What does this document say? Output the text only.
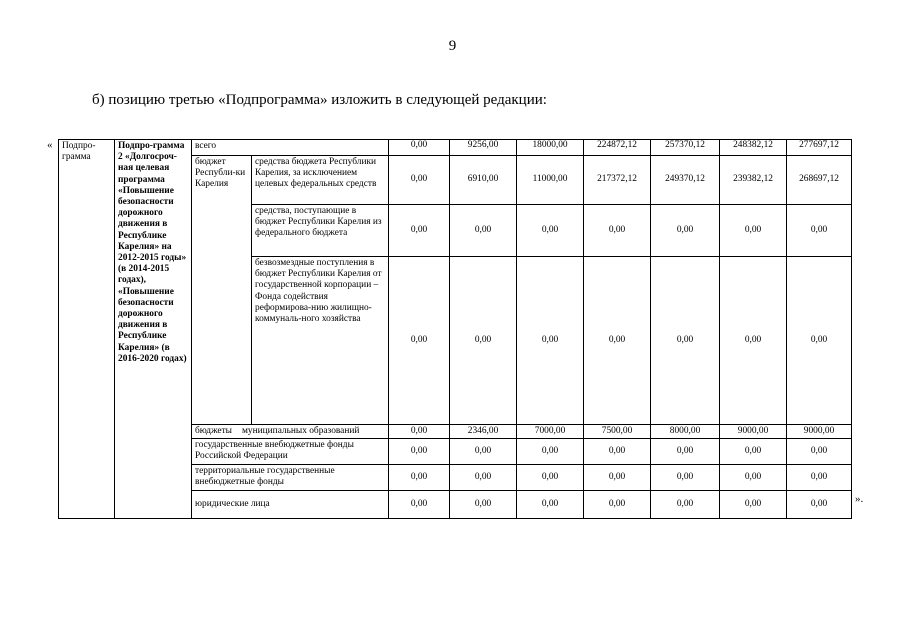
9
б) позицию третью «Подпрограмма» изложить в следующей редакции:
«
».
Подпро-грамма	Подпро-грамма 2 «Долгосроч-ная целевая программа «Повышение безопасности дорожного движения в Республике Карелия» на 2012-2015 годы» (в 2014-2015 годах), «Повышение безопасности дорожного движения в Республике Карелия» (в 2016-2020 годах)	всего		0,00	9256,00	18000,00	224872,12	257370,12	248382,12	277697,12
		бюджет Республи-ки Карелия	средства бюджета Республики Карелия, за исключением целевых федеральных средств	0,00	6910,00	11000,00	217372,12	249370,12	239382,12	268697,12
			средства, поступающие в бюджет Республики Карелия из федерального бюджета	0,00	0,00	0,00	0,00	0,00	0,00	0,00
			безвозмездные поступления в бюджет Республики Карелия от государственной корпорации – Фонда содействия реформирова-нию жилищно-коммуналь-ного хозяйства	0,00	0,00	0,00	0,00	0,00	0,00	0,00
		бюджеты муниципальных образований		0,00	2346,00	7000,00	7500,00	8000,00	9000,00	9000,00
		государственные внебюджетные фонды Российской Федерации		0,00	0,00	0,00	0,00	0,00	0,00	0,00
		территориальные государственные внебюджетные фонды		0,00	0,00	0,00	0,00	0,00	0,00	0,00
		юридические лица		0,00	0,00	0,00	0,00	0,00	0,00	0,00
